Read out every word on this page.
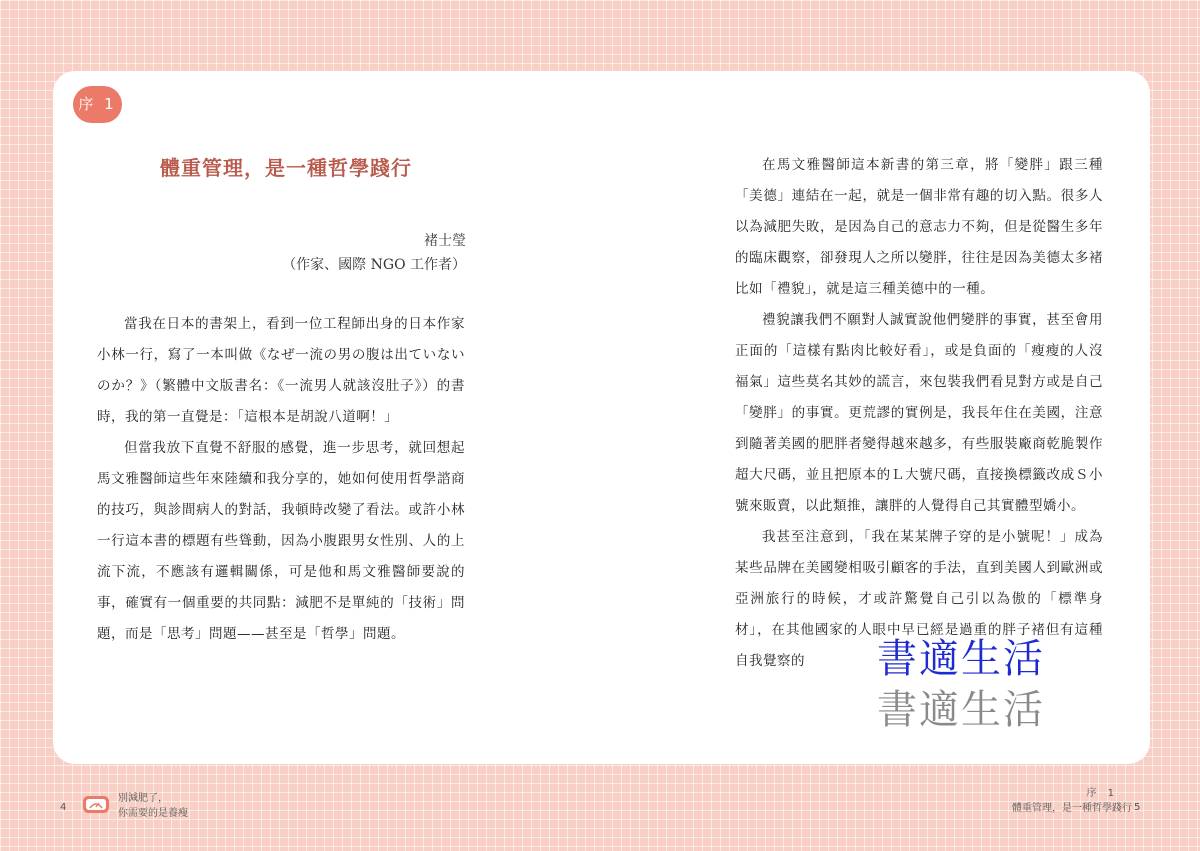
序 1
體重管理，是一種哲學踐行
褚士瑩
（作家、國際 NGO 工作者）

當我在日本的書架上，看到一位工程師出身的日本作家小林一行，寫了一本叫做《なぜ一流の男の腹は出ていないのか？》（繁體中文版書名：《一流男人就該沒肚子》）的書時，我的第一直覺是：「這根本是胡說八道啊！」

但當我放下直覺不舒服的感覺，進一步思考，就回想起馬文雅醫師這些年來陸續和我分享的，她如何使用哲學諮商的技巧，與診間病人的對話，我頓時改變了看法。或許小林一行這本書的標題有些聳動，因為小腹跟男女性別、人的上流下流，不應該有邏輯關係，可是他和馬文雅醫師要說的事，確實有一個重要的共同點：減肥不是單純的「技術」問題，而是「思考」問題——甚至是「哲學」問題。

在馬文雅醫師這本新書的第三章，將「變胖」跟三種「美德」連結在一起，就是一個非常有趣的切入點。很多人以為減肥失敗，是因為自己的意志力不夠，但是從醫生多年的臨床觀察，卻發現人之所以變胖，往往是因為美德太多褚比如「禮貌」，就是這三種美德中的一種。

禮貌讓我們不願對人誠實說他們變胖的事實，甚至會用正面的「這樣有點肉比較好看」，或是負面的「瘦瘦的人沒福氣」這些莫名其妙的謊言，來包裝我們看見對方或是自己「變胖」的事實。更荒謬的實例是，我長年住在美國，注意到隨著美國的肥胖者變得越來越多，有些服裝廠商乾脆製作超大尺碼，並且把原本的Ｌ大號尺碼，直接換標籤改成Ｓ小號來販賣，以此類推，讓胖的人覺得自己其實體型嬌小。

我甚至注意到，「我在某某牌子穿的是小號呢！」成為某些品牌在美國變相吸引顧客的手法，直到美國人到歐洲或亞洲旅行的時候，才或許驚覺自己引以為傲的「標準身材」，在其他國家的人眼中早已經是過重的胖子褚但有這種自我覺察的	書適生活
書適生活
4
別減肥了，
你需要的是養瘦
序 1
體重管理，是一種哲學踐行 5
